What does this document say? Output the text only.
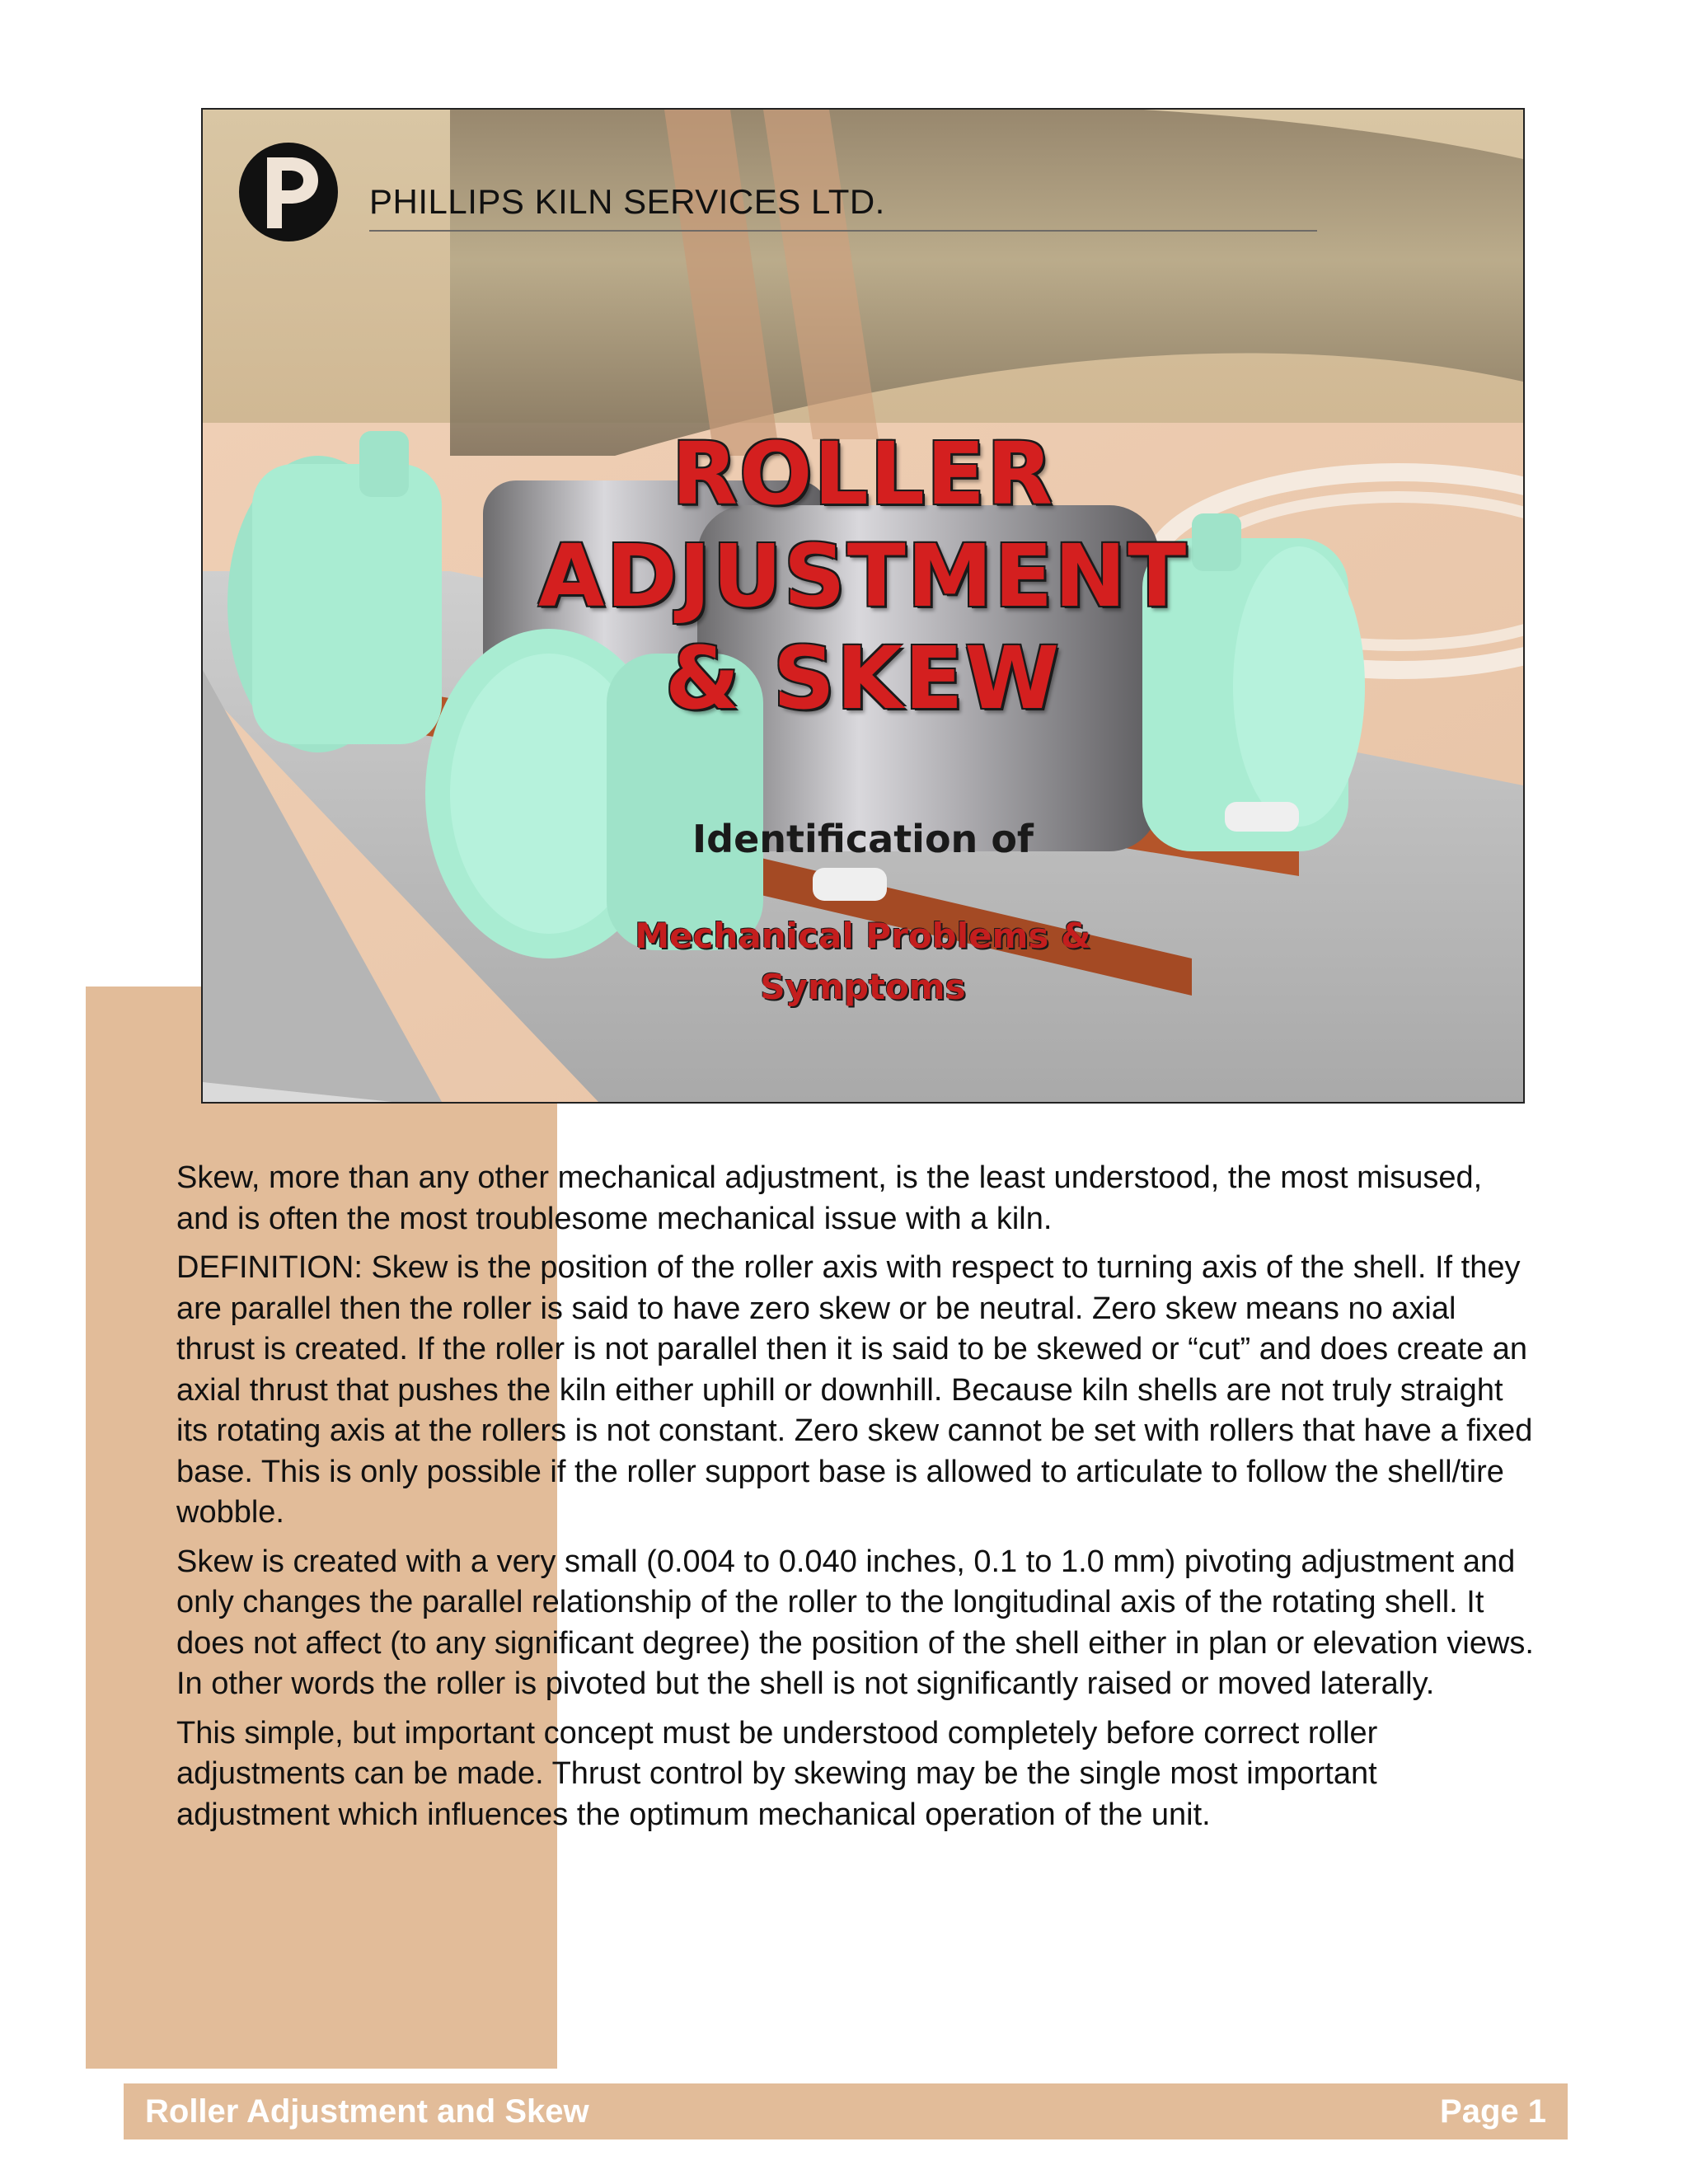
PHILLIPS KILN SERVICES LTD.
ROLLER
ADJUSTMENT
& SKEW
Identification of
Mechanical Problems &
Symptoms

Skew, more than any other mechanical adjustment, is the least understood, the most misused, and is often the most troublesome mechanical issue with a kiln.

DEFINITION: Skew is the position of the roller axis with respect to turning axis of the shell. If they are parallel then the roller is said to have zero skew or be neutral. Zero skew means no axial thrust is created. If the roller is not parallel then it is said to be skewed or “cut” and does create an axial thrust that pushes the kiln either uphill or downhill. Because kiln shells are not truly straight its rotating axis at the rollers is not constant. Zero skew cannot be set with rollers that have a fixed base. This is only possible if the roller support base is allowed to articulate to follow the shell/tire wobble.

Skew is created with a very small (0.004 to 0.040 inches, 0.1 to 1.0 mm) pivoting adjustment and only changes the parallel relationship of the roller to the longitudinal axis of the rotating shell. It does not affect (to any significant degree) the position of the shell either in plan or elevation views. In other words the roller is pivoted but the shell is not significantly raised or moved laterally.

This simple, but important concept must be understood completely before correct roller adjustments can be made. Thrust control by skewing may be the single most important adjustment which influences the optimum mechanical operation of the unit.

Roller Adjustment and Skew	Page 1
